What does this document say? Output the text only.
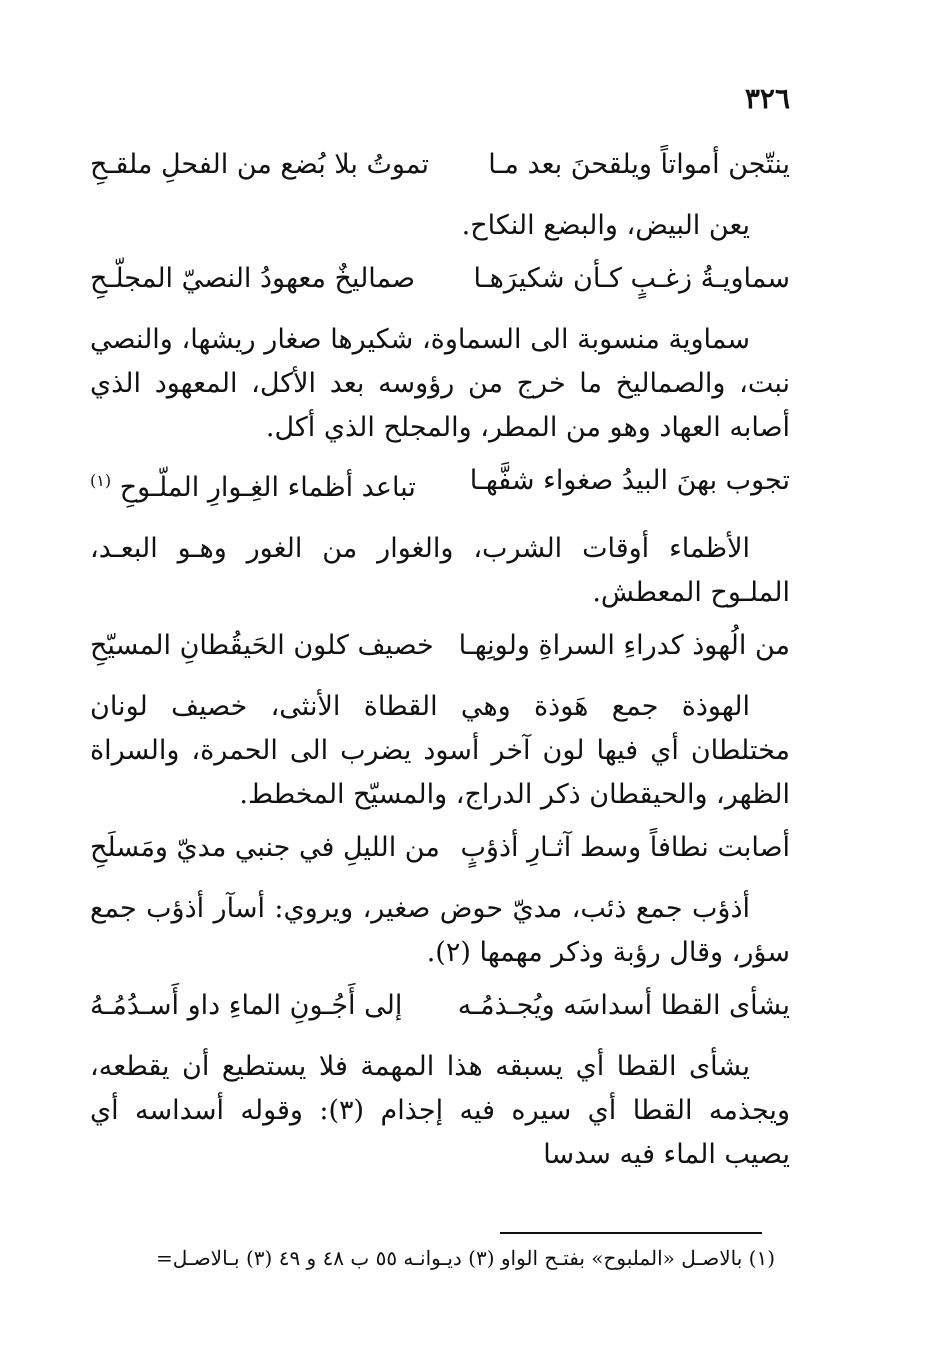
٣٢٦
ينتّجن أمواتاً ويلقحنَ بعد مـا
تموتُ بلا بُضع من الفحلِ ملقـحِ

يعن البيض، والبضع النكاح.

سماويـةُ زغـبٍ كـأن شكيرَهـا
صماليخٌ معهودُ النصيّ المجلّـحِ

سماوية منسوبة الى السماوة، شكيرها صغار ريشها، والنصي نبت، والصماليخ ما خرج من رؤوسه بعد الأكل، المعهود الذي أصابه العهاد وهو من المطر، والمجلح الذي أكل.

تجوب بهنَ البيدُ صغواء شفَّهـا
تباعد أظماء الغِـوارِ الملّـوحِ $^{(١)}$

الأظماء أوقات الشرب، والغوار من الغور وهـو البعـد، الملـوح المعطش.

من الُهوذ كدراءِ السراةِ ولونِهـا
خصيف كلون الحَيقُطانِ المسيّحِ

الهوذة جمع هَوذة وهي القطاة الأنثى، خصيف لونان مختلطان أي فيها لون آخر أسود يضرب الى الحمرة، والسراة الظهر، والحيقطان ذكر الدراج، والمسيّح المخطط.

أصابت نطافاً وسط آثـارِ أذؤبٍ
من الليلِ في جنبي مديّ ومَسلَحِ

أذؤب جمع ذئب، مديّ حوض صغير، ويروي: أسآر أذؤب جمع سؤر، وقال رؤبة وذكر مهمها (٢).

يشأى القطا أسداسَه ويُجـذمُـه
إلى أَجُـونِ الماءِ داو أَسـدُمُـهُ

يشأى القطا أي يسبقه هذا المهمة فلا يستطيع أن يقطعه، ويجذمه القطا أي سيره فيه إجذام (٣): وقوله أسداسه أي يصيب الماء فيه سدسا

(١) بالاصـل «الملبوح» بفتـح الواو (٣) ديـوانـه ٥٥ ب ٤٨ و ٤٩ (٣) بـالاصـل=
